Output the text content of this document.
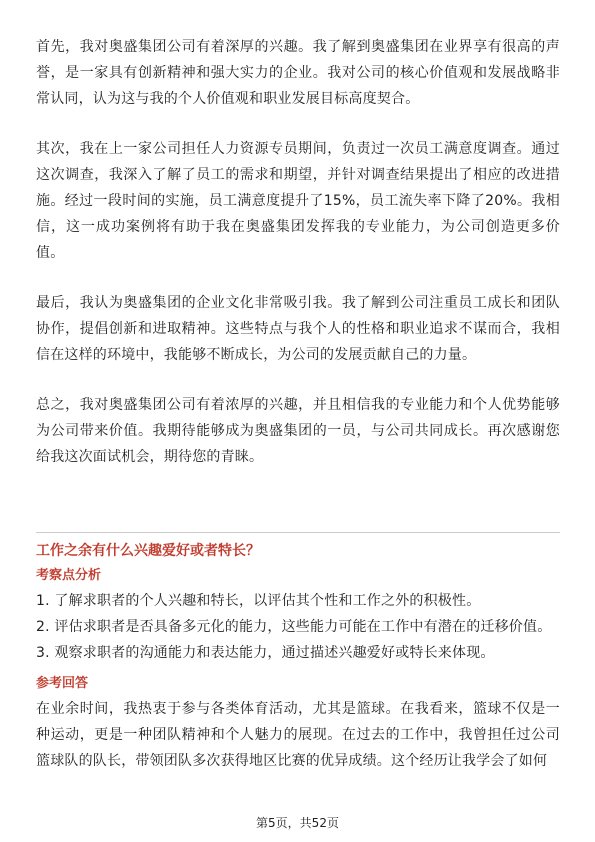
首先，我对奥盛集团公司有着深厚的兴趣。我了解到奥盛集团在业界享有很高的声誉，是一家具有创新精神和强大实力的企业。我对公司的核心价值观和发展战略非常认同，认为这与我的个人价值观和职业发展目标高度契合。

其次，我在上一家公司担任人力资源专员期间，负责过一次员工满意度调查。通过这次调查，我深入了解了员工的需求和期望，并针对调查结果提出了相应的改进措施。经过一段时间的实施，员工满意度提升了15%，员工流失率下降了20%。我相信，这一成功案例将有助于我在奥盛集团发挥我的专业能力，为公司创造更多价值。

最后，我认为奥盛集团的企业文化非常吸引我。我了解到公司注重员工成长和团队协作，提倡创新和进取精神。这些特点与我个人的性格和职业追求不谋而合，我相信在这样的环境中，我能够不断成长，为公司的发展贡献自己的力量。

总之，我对奥盛集团公司有着浓厚的兴趣，并且相信我的专业能力和个人优势能够为公司带来价值。我期待能够成为奥盛集团的一员，与公司共同成长。再次感谢您给我这次面试机会，期待您的青睐。

工作之余有什么兴趣爱好或者特长？
考察点分析

1. 了解求职者的个人兴趣和特长，以评估其个性和工作之外的积极性。

2. 评估求职者是否具备多元化的能力，这些能力可能在工作中有潜在的迁移价值。

3. 观察求职者的沟通能力和表达能力，通过描述兴趣爱好或特长来体现。

参考回答

在业余时间，我热衷于参与各类体育活动，尤其是篮球。在我看来，篮球不仅是一种运动，更是一种团队精神和个人魅力的展现。在过去的工作中，我曾担任过公司篮球队的队长，带领团队多次获得地区比赛的优异成绩。这个经历让我学会了如何

第5页，共52页
